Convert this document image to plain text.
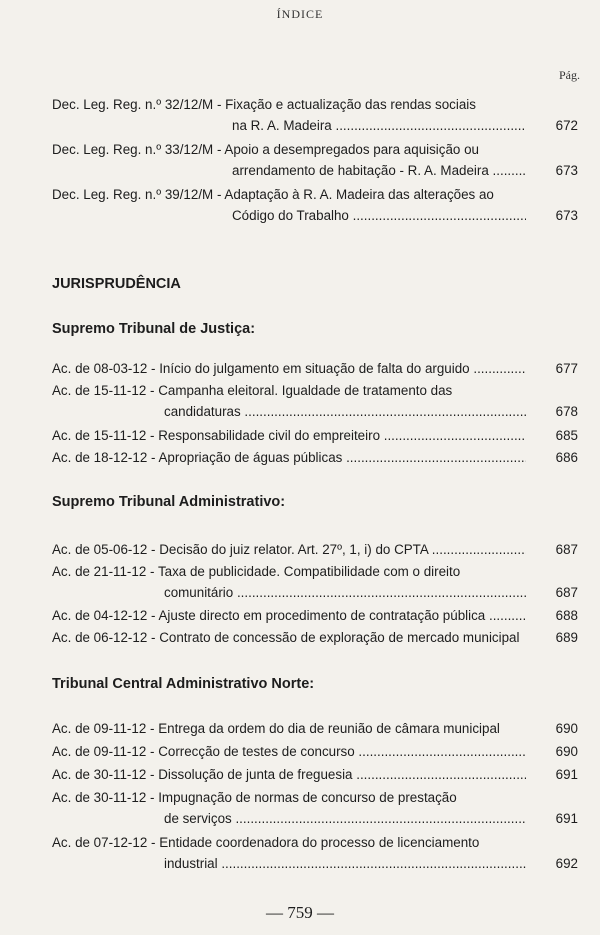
ÍNDICE
Pág.
Dec. Leg. Reg. n.º 32/12/M - Fixação e actualização das rendas sociais
na R. A. Madeira .....	672
Dec. Leg. Reg. n.º 33/12/M - Apoio a desempregados para aquisição ou
arrendamento de habitação - R. A. Madeira .....	673
Dec. Leg. Reg. n.º 39/12/M - Adaptação à R. A. Madeira das alterações ao
Código do Trabalho .....	673
JURISPRUDÊNCIA
Supremo Tribunal de Justiça:
Ac. de 08-03-12 - Início do julgamento em situação de falta do arguido .....	677
Ac. de 15-11-12 - Campanha eleitoral. Igualdade de tratamento das
candidaturas .....	678
Ac. de 15-11-12 - Responsabilidade civil do empreiteiro .....	685
Ac. de 18-12-12 - Apropriação de águas públicas .....	686
Supremo Tribunal Administrativo:
Ac. de 05-06-12 - Decisão do juiz relator. Art. 27º, 1, i) do CPTA .....	687
Ac. de 21-11-12 - Taxa de publicidade. Compatibilidade com o direito
comunitário .....	687
Ac. de 04-12-12 - Ajuste directo em procedimento de contratação pública .....	688
Ac. de 06-12-12 - Contrato de concessão de exploração de mercado municipal	689
Tribunal Central Administrativo Norte:
Ac. de 09-11-12 - Entrega da ordem do dia de reunião de câmara municipal	690
Ac. de 09-11-12 - Correcção de testes de concurso .....	690
Ac. de 30-11-12 - Dissolução de junta de freguesia .....	691
Ac. de 30-11-12 - Impugnação de normas de concurso de prestação
de serviços .....	691
Ac. de 07-12-12 - Entidade coordenadora do processo de licenciamento
industrial .....	692
— 759 —
